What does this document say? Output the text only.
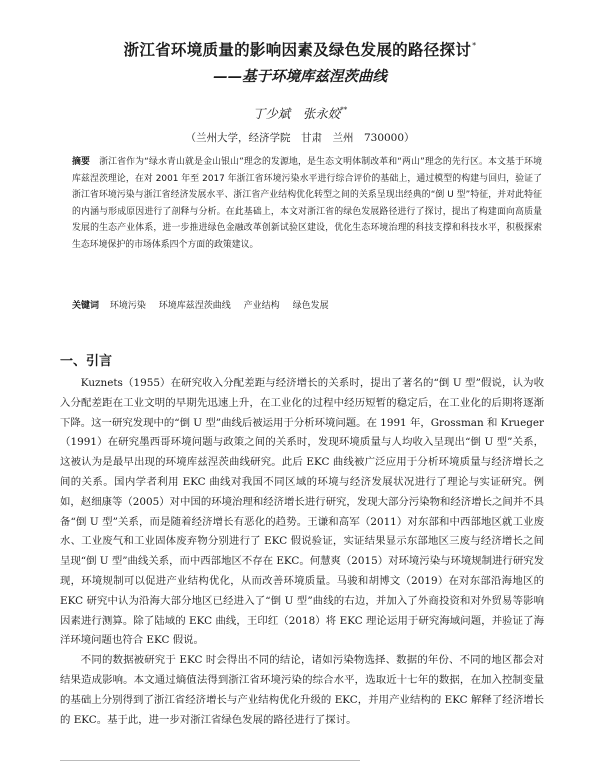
浙江省环境质量的影响因素及绿色发展的路径探讨*
——基于环境库兹涅茨曲线
丁少斌　张永姣**
（兰州大学，经济学院　甘肃　兰州　730000）

摘要　浙江省作为“绿水青山就是金山银山”理念的发源地，是生态文明体制改革和“两山”理念的先行区。本文基于环境库兹涅茨理论，在对 2001 年至 2017 年浙江省环境污染水平进行综合评价的基础上，通过模型的构建与回归，验证了浙江省环境污染与浙江省经济发展水平、浙江省产业结构优化转型之间的关系呈现出经典的“倒 U 型”特征，并对此特征的内涵与形成原因进行了剖释与分析。在此基础上，本文对浙江省的绿色发展路径进行了探讨，提出了构建面向高质量发展的生态产业体系，进一步推进绿色金融改革创新试验区建设，优化生态环境治理的科技支撑和科技水平，积极探索生态环境保护的市场体系四个方面的政策建议。

关键词 环境污染 环境库兹涅茨曲线 产业结构 绿色发展
一、引言

Kuznets（1955）在研究收入分配差距与经济增长的关系时，提出了著名的“倒 U 型”假说，认为收入分配差距在工业文明的早期先迅速上升，在工业化的过程中经历短暂的稳定后，在工业化的后期将逐渐下降。这一研究发现中的“倒 U 型”曲线后被运用于分析环境问题。在 1991 年，Grossman 和 Krueger（1991）在研究墨西哥环境问题与政策之间的关系时，发现环境质量与人均收入呈现出“倒 U 型”关系，这被认为是最早出现的环境库兹涅茨曲线研究。此后 EKC 曲线被广泛应用于分析环境质量与经济增长之间的关系。国内学者利用 EKC 曲线对我国不同区域的环境与经济发展状况进行了理论与实证研究。例如，赵细康等（2005）对中国的环境治理和经济增长进行研究，发现大部分污染物和经济增长之间并不具备“倒 U 型”关系，而是随着经济增长有恶化的趋势。王谦和高军（2011）对东部和中西部地区就工业废水、工业废气和工业固体废弃物分别进行了 EKC 假说验证，实证结果显示东部地区三废与经济增长之间呈现“倒 U 型”曲线关系，而中西部地区不存在 EKC。何慧爽（2015）对环境污染与环境规制进行研究发现，环境规制可以促进产业结构优化，从而改善环境质量。马骏和胡博文（2019）在对东部沿海地区的 EKC 研究中认为沿海大部分地区已经进入了“倒 U 型”曲线的右边，并加入了外商投资和对外贸易等影响因素进行测算。除了陆域的 EKC 曲线，王印红（2018）将 EKC 理论运用于研究海域问题，并验证了海洋环境问题也符合 EKC 假说。

不同的数据被研究于 EKC 时会得出不同的结论，诸如污染物选择、数据的年份、不同的地区都会对结果造成影响。本文通过熵值法得到浙江省环境污染的综合水平，选取近十七年的数据，在加入控制变量的基础上分别得到了浙江省经济增长与产业结构优化升级的 EKC，并用产业结构的 EKC 解释了经济增长的 EKC。基于此，进一步对浙江省绿色发展的路径进行了探讨。
